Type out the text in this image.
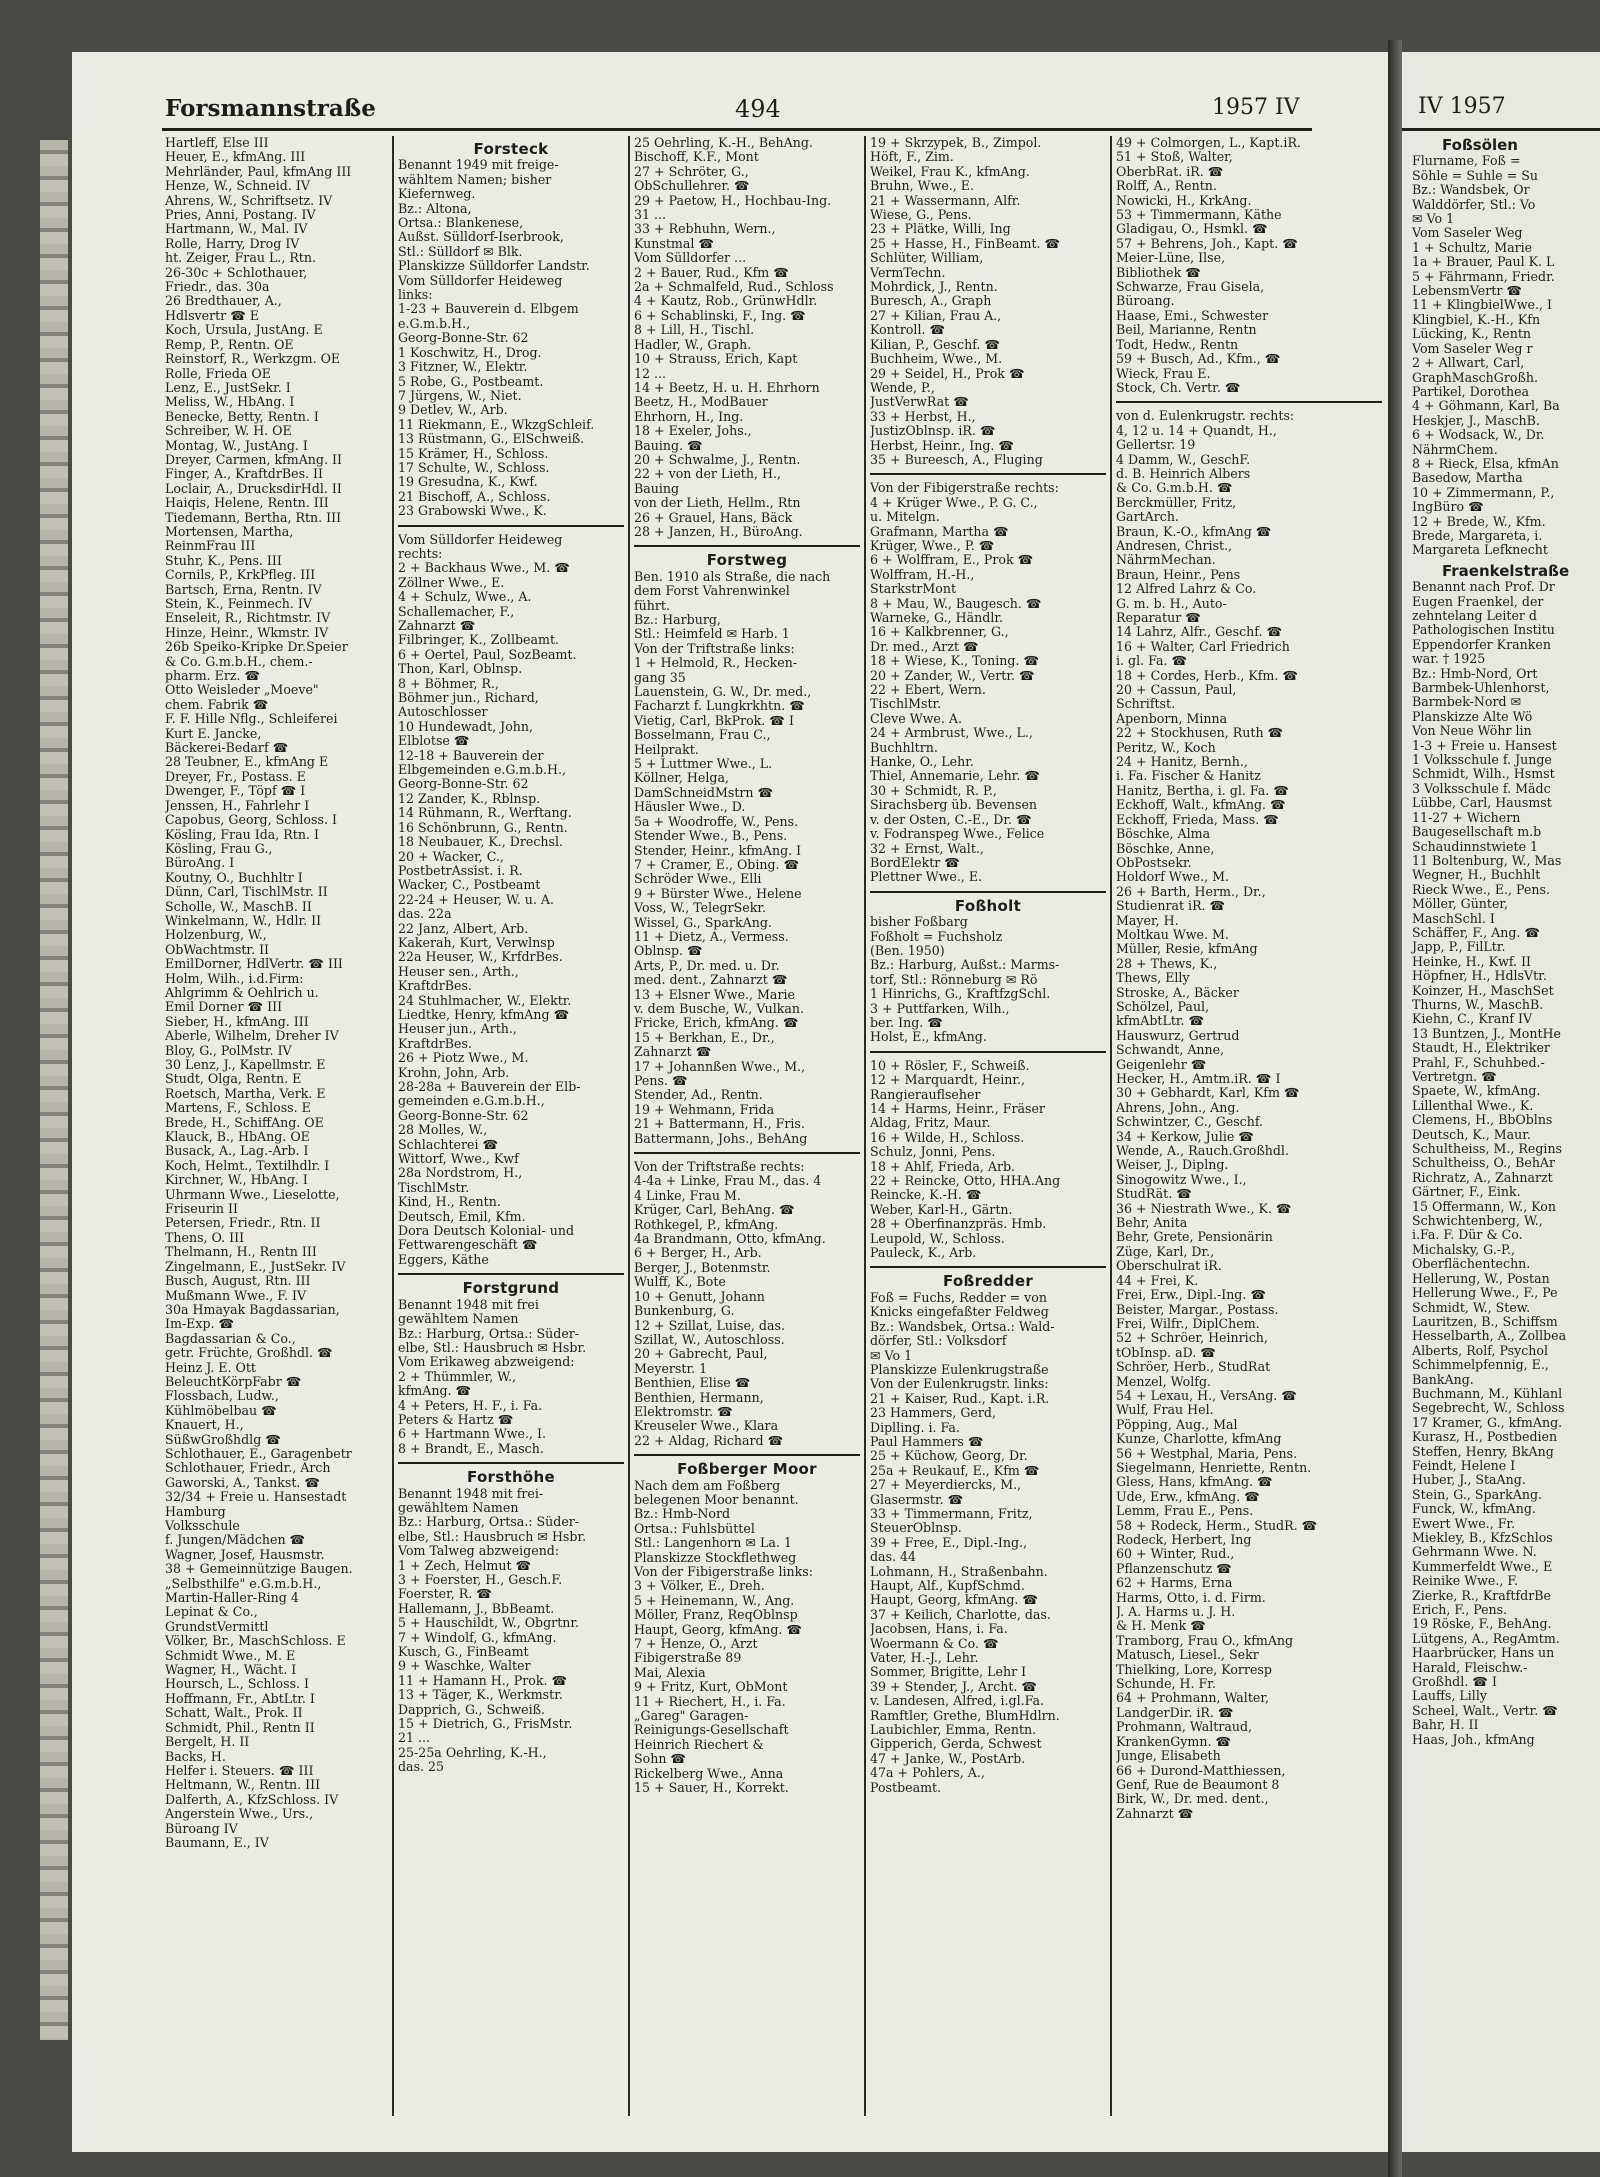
Forsmannstraße	494	1957 IV
Hartleff, Else III
Heuer, E., kfmAng. III
Mehrländer, Paul, kfmAng III
Henze, W., Schneid. IV
Ahrens, W., Schriftsetz. IV
Pries, Anni, Postang. IV
Hartmann, W., Mal. IV
Rolle, Harry, Drog IV
ht. Zeiger, Frau L., Rtn.
26-30c + Schlothauer,
Friedr., das. 30a
26 Bredthauer, A.,
Hdlsvertr ☎ E
Koch, Ursula, JustAng. E
Remp, P., Rentn. OE
Reinstorf, R., Werkzgm. OE
Rolle, Frieda OE
Lenz, E., JustSekr. I
Meliss, W., HbAng. I
Benecke, Betty, Rentn. I
Schreiber, W. H. OE
Montag, W., JustAng. I
Dreyer, Carmen, kfmAng. II
Finger, A., KraftdrBes. II
Loclair, A., DrucksdirHdl. II
Haiqis, Helene, Rentn. III
Tiedemann, Bertha, Rtn. III
Mortensen, Martha,
ReinmFrau III
Stuhr, K., Pens. III
Cornils, P., KrkPfleg. III
Bartsch, Erna, Rentn. IV
Stein, K., Feinmech. IV
Enseleit, R., Richtmstr. IV
Hinze, Heinr., Wkmstr. IV
26b Speiko-Kripke Dr.Speier
& Co. G.m.b.H., chem.-
pharm. Erz. ☎
Otto Weisleder „Moeve"
chem. Fabrik ☎
F. F. Hille Nflg., Schleiferei
Kurt E. Jancke,
Bäckerei-Bedarf ☎
28 Teubner, E., kfmAng E
Dreyer, Fr., Postass. E
Dwenger, F., Töpf ☎ I
Jenssen, H., Fahrlehr I
Capobus, Georg, Schloss. I
Kösling, Frau Ida, Rtn. I
Kösling, Frau G.,
BüroAng. I
Koutny, O., Buchhltr I
Dünn, Carl, TischlMstr. II
Scholle, W., MaschB. II
Winkelmann, W., Hdlr. II
Holzenburg, W.,
ObWachtmstr. II
EmilDorner, HdlVertr. ☎ III
Holm, Wilh., i.d.Firm:
Ahlgrimm & Oehlrich u.
Emil Dorner ☎ III
Sieber, H., kfmAng. III
Aberle, Wilhelm, Dreher IV
Bloy, G., PolMstr. IV
30 Lenz, J., Kapellmstr. E
Studt, Olga, Rentn. E
Roetsch, Martha, Verk. E
Martens, F., Schloss. E
Brede, H., SchiffAng. OE
Klauck, B., HbAng. OE
Busack, A., Lag.-Arb. I
Koch, Helmt., Textilhdlr. I
Kirchner, W., HbAng. I
Uhrmann Wwe., Lieselotte,
Friseurin II
Petersen, Friedr., Rtn. II
Thens, O. III
Thelmann, H., Rentn III
Zingelmann, E., JustSekr. IV
Busch, August, Rtn. III
Mußmann Wwe., F. IV
30a Hmayak Bagdassarian,
Im-Exp. ☎
Bagdassarian & Co.,
getr. Früchte, Großhdl. ☎
Heinz J. E. Ott
BeleuchtKörpFabr ☎
Flossbach, Ludw.,
Kühlmöbelbau ☎
Knauert, H.,
SüßwGroßhdlg ☎
Schlothauer, E., Garagenbetr
Schlothauer, Friedr., Arch
Gaworski, A., Tankst. ☎
32/34 + Freie u. Hansestadt
Hamburg
Volksschule
f. Jungen/Mädchen ☎
Wagner, Josef, Hausmstr.
38 + Gemeinnützige Baugen.
„Selbsthilfe" e.G.m.b.H.,
Martin-Haller-Ring 4
Lepinat & Co.,
GrundstVermittl
Völker, Br., MaschSchloss. E
Schmidt Wwe., M. E
Wagner, H., Wächt. I
Hoursch, L., Schloss. I
Hoffmann, Fr., AbtLtr. I
Schatt, Walt., Prok. II
Schmidt, Phil., Rentn II
Bergelt, H. II
Backs, H.
Helfer i. Steuers. ☎ III
Heltmann, W., Rentn. III
Dalferth, A., KfzSchloss. IV
Angerstein Wwe., Urs.,
Büroang IV
Baumann, E., IV
Forsteck
Benannt 1949 mit freige-
wähltem Namen; bisher
Kiefernweg.
Bz.: Altona,
Ortsa.: Blankenese,
Außst. Sülldorf-Iserbrook,
Stl.: Sülldorf ✉ Blk.
Planskizze Sülldorfer Landstr.
Vom Sülldorfer Heideweg
links:
1-23 + Bauverein d. Elbgem
e.G.m.b.H.,
Georg-Bonne-Str. 62
1 Koschwitz, H., Drog.
3 Fitzner, W., Elektr.
5 Robe, G., Postbeamt.
7 Jürgens, W., Niet.
9 Detlev, W., Arb.
11 Riekmann, E., WkzgSchleif.
13 Rüstmann, G., ElSchweiß.
15 Krämer, H., Schloss.
17 Schulte, W., Schloss.
19 Gresudna, K., Kwf.
21 Bischoff, A., Schloss.
23 Grabowski Wwe., K.
Vom Sülldorfer Heideweg
rechts:
2 + Backhaus Wwe., M. ☎
Zöllner Wwe., E.
4 + Schulz, Wwe., A.
Schallemacher, F.,
Zahnarzt ☎
Filbringer, K., Zollbeamt.
6 + Oertel, Paul, SozBeamt.
Thon, Karl, Oblnsp.
8 + Böhmer, R.,
Böhmer jun., Richard,
Autoschlosser
10 Hundewadt, John,
Elblotse ☎
12-18 + Bauverein der
Elbgemeinden e.G.m.b.H.,
Georg-Bonne-Str. 62
12 Zander, K., Rblnsp.
14 Rühmann, R., Werftang.
16 Schönbrunn, G., Rentn.
18 Neubauer, K., Drechsl.
20 + Wacker, C.,
PostbetrAssist. i. R.
Wacker, C., Postbeamt
22-24 + Heuser, W. u. A.
das. 22a
22 Janz, Albert, Arb.
Kakerah, Kurt, Verwlnsp
22a Heuser, W., KrfdrBes.
Heuser sen., Arth.,
KraftdrBes.
24 Stuhlmacher, W., Elektr.
Liedtke, Henry, kfmAng ☎
Heuser jun., Arth.,
KraftdrBes.
26 + Piotz Wwe., M.
Krohn, John, Arb.
28-28a + Bauverein der Elb-
gemeinden e.G.m.b.H.,
Georg-Bonne-Str. 62
28 Molles, W.,
Schlachterei ☎
Wittorf, Wwe., Kwf
28a Nordstrom, H.,
TischlMstr.
Kind, H., Rentn.
Deutsch, Emil, Kfm.
Dora Deutsch Kolonial- und
Fettwarengeschäft ☎
Eggers, Käthe
Forstgrund
Benannt 1948 mit frei
gewähltem Namen
Bz.: Harburg, Ortsa.: Süder-
elbe, Stl.: Hausbruch ✉ Hsbr.
Vom Erikaweg abzweigend:
2 + Thümmler, W.,
kfmAng. ☎
4 + Peters, H. F., i. Fa.
Peters & Hartz ☎
6 + Hartmann Wwe., I.
8 + Brandt, E., Masch.
Forsthöhe
Benannt 1948 mit frei-
gewähltem Namen
Bz.: Harburg, Ortsa.: Süder-
elbe, Stl.: Hausbruch ✉ Hsbr.
Vom Talweg abzweigend:
1 + Zech, Helmut ☎
3 + Foerster, H., Gesch.F.
Foerster, R. ☎
Hallemann, J., BbBeamt.
5 + Hauschildt, W., Obgrtnr.
7 + Windolf, G., kfmAng.
Kusch, G., FinBeamt
9 + Waschke, Walter
11 + Hamann H., Prok. ☎
13 + Täger, K., Werkmstr.
Dapprich, G., Schweiß.
15 + Dietrich, G., FrisMstr.
21 ...
25-25a Oehrling, K.-H.,
das. 25
25 Oehrling, K.-H., BehAng.
Bischoff, K.F., Mont
27 + Schröter, G.,
ObSchullehrer. ☎
29 + Paetow, H., Hochbau-Ing.
31 ...
33 + Rebhuhn, Wern.,
Kunstmal ☎
Vom Sülldorfer ...
2 + Bauer, Rud., Kfm ☎
2a + Schmalfeld, Rud., Schloss
4 + Kautz, Rob., GrünwHdlr.
6 + Schablinski, F., Ing. ☎
8 + Lill, H., Tischl.
Hadler, W., Graph.
10 + Strauss, Erich, Kapt
12 ...
14 + Beetz, H. u. H. Ehrhorn
Beetz, H., ModBauer
Ehrhorn, H., Ing.
18 + Exeler, Johs.,
Bauing. ☎
20 + Schwalme, J., Rentn.
22 + von der Lieth, H.,
Bauing
von der Lieth, Hellm., Rtn
26 + Grauel, Hans, Bäck
28 + Janzen, H., BüroAng.
Forstweg
Ben. 1910 als Straße, die nach
dem Forst Vahrenwinkel
führt.
Bz.: Harburg,
Stl.: Heimfeld ✉ Harb. 1
Von der Triftstraße links:
1 + Helmold, R., Hecken-
gang 35
Lauenstein, G. W., Dr. med.,
Facharzt f. Lungkrkhtn. ☎
Vietig, Carl, BkProk. ☎ I
Bosselmann, Frau C.,
Heilprakt.
5 + Luttmer Wwe., L.
Köllner, Helga,
DamSchneidMstrn ☎
Häusler Wwe., D.
5a + Woodroffe, W., Pens.
Stender Wwe., B., Pens.
Stender, Heinr., kfmAng. I
7 + Cramer, E., Obing. ☎
Schröder Wwe., Elli
9 + Bürster Wwe., Helene
Voss, W., TelegrSekr.
Wissel, G., SparkAng.
11 + Dietz, A., Vermess.
Oblnsp. ☎
Arts, P., Dr. med. u. Dr.
med. dent., Zahnarzt ☎
13 + Elsner Wwe., Marie
v. dem Busche, W., Vulkan.
Fricke, Erich, kfmAng. ☎
15 + Berkhan, E., Dr.,
Zahnarzt ☎
17 + Johannßen Wwe., M.,
Pens. ☎
Stender, Ad., Rentn.
19 + Wehmann, Frida
21 + Battermann, H., Fris.
Battermann, Johs., BehAng
Von der Triftstraße rechts:
4-4a + Linke, Frau M., das. 4
4 Linke, Frau M.
Krüger, Carl, BehAng. ☎
Rothkegel, P., kfmAng.
4a Brandmann, Otto, kfmAng.
6 + Berger, H., Arb.
Berger, J., Botenmstr.
Wulff, K., Bote
10 + Genutt, Johann
Bunkenburg, G.
12 + Szillat, Luise, das.
Szillat, W., Autoschloss.
20 + Gabrecht, Paul,
Meyerstr. 1
Benthien, Elise ☎
Benthien, Hermann,
Elektromstr. ☎
Kreuseler Wwe., Klara
22 + Aldag, Richard ☎
Foßberger Moor
Nach dem am Foßberg
belegenen Moor benannt.
Bz.: Hmb-Nord
Ortsa.: Fuhlsbüttel
Stl.: Langenhorn ✉ La. 1
Planskizze Stockflethweg
Von der Fibigerstraße links:
3 + Völker, E., Dreh.
5 + Heinemann, W., Ang.
Möller, Franz, ReqOblnsp
Haupt, Georg, kfmAng. ☎
7 + Henze, O., Arzt
Fibigerstraße 89
Mai, Alexia
9 + Fritz, Kurt, ObMont
11 + Riechert, H., i. Fa.
„Gareg" Garagen-
Reinigungs-Gesellschaft
Heinrich Riechert &
Sohn ☎
Rickelberg Wwe., Anna
15 + Sauer, H., Korrekt.
19 + Skrzypek, B., Zimpol.
Höft, F., Zim.
Weikel, Frau K., kfmAng.
Bruhn, Wwe., E.
21 + Wassermann, Alfr.
Wiese, G., Pens.
23 + Plätke, Willi, Ing
25 + Hasse, H., FinBeamt. ☎
Schlüter, William,
VermTechn.
Mohrdick, J., Rentn.
Buresch, A., Graph
27 + Kilian, Frau A.,
Kontroll. ☎
Kilian, P., Geschf. ☎
Buchheim, Wwe., M.
29 + Seidel, H., Prok ☎
Wende, P.,
JustVerwRat ☎
33 + Herbst, H.,
JustizOblnsp. iR. ☎
Herbst, Heinr., Ing. ☎
35 + Bureesch, A., Fluging
Von der Fibigerstraße rechts:
4 + Krüger Wwe., P. G. C.,
u. Mitelgn.
Grafmann, Martha ☎
Krüger, Wwe., P. ☎
6 + Wolffram, E., Prok ☎
Wolffram, H.-H.,
StarkstrMont
8 + Mau, W., Baugesch. ☎
Warneke, G., Händlr.
16 + Kalkbrenner, G.,
Dr. med., Arzt ☎
18 + Wiese, K., Toning. ☎
20 + Zander, W., Vertr. ☎
22 + Ebert, Wern.
TischlMstr.
Cleve Wwe. A.
24 + Armbrust, Wwe., L.,
Buchhltrn.
Hanke, O., Lehr.
Thiel, Annemarie, Lehr. ☎
30 + Schmidt, R. P.,
Sirachsberg üb. Bevensen
v. der Osten, C.-E., Dr. ☎
v. Fodranspeg Wwe., Felice
32 + Ernst, Walt.,
BordElektr ☎
Plettner Wwe., E.
Foßholt
bisher Foßbarg
Foßholt = Fuchsholz
(Ben. 1950)
Bz.: Harburg, Außst.: Marms-
torf, Stl.: Rönneburg ✉ Rö
1 Hinrichs, G., KraftfzgSchl.
3 + Puttfarken, Wilh.,
ber. Ing. ☎
Holst, E., kfmAng.
10 + Rösler, F., Schweiß.
12 + Marquardt, Heinr.,
Rangierauflseher
14 + Harms, Heinr., Fräser
Aldag, Fritz, Maur.
16 + Wilde, H., Schloss.
Schulz, Jonni, Pens.
18 + Ahlf, Frieda, Arb.
22 + Reincke, Otto, HHA.Ang
Reincke, K.-H. ☎
Weber, Karl-H., Gärtn.
28 + Oberfinanzpräs. Hmb.
Leupold, W., Schloss.
Pauleck, K., Arb.
Foßredder
Foß = Fuchs, Redder = von
Knicks eingefaßter Feldweg
Bz.: Wandsbek, Ortsa.: Wald-
dörfer, Stl.: Volksdorf
✉ Vo 1
Planskizze Eulenkrugstraße
Von der Eulenkrugstr. links:
21 + Kaiser, Rud., Kapt. i.R.
23 Hammers, Gerd,
Diplling. i. Fa.
Paul Hammers ☎
25 + Küchow, Georg, Dr.
25a + Reukauf, E., Kfm ☎
27 + Meyerdiercks, M.,
Glasermstr. ☎
33 + Timmermann, Fritz,
SteuerOblnsp.
39 + Free, E., Dipl.-Ing.,
das. 44
Lohmann, H., Straßenbahn.
Haupt, Alf., KupfSchmd.
Haupt, Georg, kfmAng. ☎
37 + Keilich, Charlotte, das.
Jacobsen, Hans, i. Fa.
Woermann & Co. ☎
Vater, H.-J., Lehr.
Sommer, Brigitte, Lehr I
39 + Stender, J., Archt. ☎
v. Landesen, Alfred, i.gl.Fa.
Ramftler, Grethe, BlumHdlrn.
Laubichler, Emma, Rentn.
Gipperich, Gerda, Schwest
47 + Janke, W., PostArb.
47a + Pohlers, A.,
Postbeamt.
49 + Colmorgen, L., Kapt.iR.
51 + Stoß, Walter,
OberbRat. iR. ☎
Rolff, A., Rentn.
Nowicki, H., KrkAng.
53 + Timmermann, Käthe
Gladigau, O., Hsmkl. ☎
57 + Behrens, Joh., Kapt. ☎
Meier-Lüne, Ilse,
Bibliothek ☎
Schwarze, Frau Gisela,
Büroang.
Haase, Emi., Schwester
Beil, Marianne, Rentn
Todt, Hedw., Rentn
59 + Busch, Ad., Kfm., ☎
Wieck, Frau E.
Stock, Ch. Vertr. ☎
von d. Eulenkrugstr. rechts:
4, 12 u. 14 + Quandt, H.,
Gellertsr. 19
4 Damm, W., GeschF.
d. B. Heinrich Albers
& Co. G.m.b.H. ☎
Berckmüller, Fritz,
GartArch.
Braun, K.-O., kfmAng ☎
Andresen, Christ.,
NährmMechan.
Braun, Heinr., Pens
12 Alfred Lahrz & Co.
G. m. b. H., Auto-
Reparatur ☎
14 Lahrz, Alfr., Geschf. ☎
16 + Walter, Carl Friedrich
i. gl. Fa. ☎
18 + Cordes, Herb., Kfm. ☎
20 + Cassun, Paul,
Schriftst.
Apenborn, Minna
22 + Stockhusen, Ruth ☎
Peritz, W., Koch
24 + Hanitz, Bernh.,
i. Fa. Fischer & Hanitz
Hanitz, Bertha, i. gl. Fa. ☎
Eckhoff, Walt., kfmAng. ☎
Eckhoff, Frieda, Mass. ☎
Böschke, Alma
Böschke, Anne,
ObPostsekr.
Holdorf Wwe., M.
26 + Barth, Herm., Dr.,
Studienrat iR. ☎
Mayer, H.
Moltkau Wwe. M.
Müller, Resie, kfmAng
28 + Thews, K.,
Thews, Elly
Stroske, A., Bäcker
Schölzel, Paul,
kfmAbtLtr. ☎
Hauswurz, Gertrud
Schwandt, Anne,
Geigenlehr ☎
Hecker, H., Amtm.iR. ☎ I
30 + Gebhardt, Karl, Kfm ☎
Ahrens, John., Ang.
Schwintzer, C., Geschf.
34 + Kerkow, Julie ☎
Wende, A., Rauch.Großhdl.
Weiser, J., Diplng.
Sinogowitz Wwe., I.,
StudRät. ☎
36 + Niestrath Wwe., K. ☎
Behr, Anita
Behr, Grete, Pensionärin
Züge, Karl, Dr.,
Oberschulrat iR.
44 + Frei, K.
Frei, Erw., Dipl.-Ing. ☎
Beister, Margar., Postass.
Frei, Wilfr., DiplChem.
52 + Schröer, Heinrich,
tObInsp. aD. ☎
Schröer, Herb., StudRat
Menzel, Wolfg.
54 + Lexau, H., VersAng. ☎
Wulf, Frau Hel.
Pöpping, Aug., Mal
Kunze, Charlotte, kfmAng
56 + Westphal, Maria, Pens.
Siegelmann, Henriette, Rentn.
Gless, Hans, kfmAng. ☎
Ude, Erw., kfmAng. ☎
Lemm, Frau E., Pens.
58 + Rodeck, Herm., StudR. ☎
Rodeck, Herbert, Ing
60 + Winter, Rud.,
Pflanzenschutz ☎
62 + Harms, Erna
Harms, Otto, i. d. Firm.
J. A. Harms u. J. H.
& H. Menk ☎
Tramborg, Frau O., kfmAng
Matusch, Liesel., Sekr
Thielking, Lore, Korresp
Schunde, H. Fr.
64 + Prohmann, Walter,
LandgerDir. iR. ☎
Prohmann, Waltraud,
KrankenGymn. ☎
Junge, Elisabeth
66 + Durond-Matthiessen,
Genf, Rue de Beaumont 8
Birk, W., Dr. med. dent.,
Zahnarzt ☎
IV 1957
Foßsölen
Flurname, Foß =
Söhle = Suhle = Su
Bz.: Wandsbek, Or
Walddörfer, Stl.: Vo
✉ Vo 1
Vom Saseler Weg
1 + Schultz, Marie
1a + Brauer, Paul K. L
5 + Fährmann, Friedr.
LebensmVertr ☎
11 + KlingbielWwe., I
Klingbiel, K.-H., Kfn
Lücking, K., Rentn
Vom Saseler Weg r
2 + Allwart, Carl,
GraphMaschGroßh.
Partikel, Dorothea
4 + Göhmann, Karl, Ba
Heskjer, J., MaschB.
6 + Wodsack, W., Dr.
NährmChem.
8 + Rieck, Elsa, kfmAn
Basedow, Martha
10 + Zimmermann, P.,
IngBüro ☎
12 + Brede, W., Kfm.
Brede, Margareta, i.
Margareta Lefknecht
Fraenkelstraße
Benannt nach Prof. Dr
Eugen Fraenkel, der
zehntelang Leiter d
Pathologischen Institu
Eppendorfer Kranken
war. † 1925
Bz.: Hmb-Nord, Ort
Barmbek-Uhlenhorst,
Barmbek-Nord ✉
Planskizze Alte Wö
Von Neue Wöhr lin
1-3 + Freie u. Hansest
1 Volksschule f. Junge
Schmidt, Wilh., Hsmst
3 Volksschule f. Mädc
Lübbe, Carl, Hausmst
11-27 + Wichern
Baugesellschaft m.b
Schaudinnstwiete 1
11 Boltenburg, W., Mas
Wegner, H., Buchhlt
Rieck Wwe., E., Pens.
Möller, Günter,
MaschSchl. I
Schäffer, F., Ang. ☎
Japp, P., FilLtr.
Heinke, H., Kwf. II
Höpfner, H., HdlsVtr.
Koinzer, H., MaschSet
Thurns, W., MaschB.
Kiehn, C., Kranf IV
13 Buntzen, J., MontHe
Staudt, H., Elektriker
Prahl, F., Schuhbed.-
Vertretgn. ☎
Spaete, W., kfmAng.
Lillenthal Wwe., K.
Clemens, H., BbOblns
Deutsch, K., Maur.
Schultheiss, M., Regins
Schultheiss, O., BehAr
Richratz, A., Zahnarzt
Gärtner, F., Eink.
15 Offermann, W., Kon
Schwichtenberg, W.,
i.Fa. F. Dür & Co.
Michalsky, G.-P.,
Oberflächentechn.
Hellerung, W., Postan
Hellerung Wwe., F., Pe
Schmidt, W., Stew.
Lauritzen, B., Schiffsm
Hesselbarth, A., Zollbea
Alberts, Rolf, Psychol
Schimmelpfennig, E.,
BankAng.
Buchmann, M., Kühlanl
Segebrecht, W., Schloss
17 Kramer, G., kfmAng.
Kurasz, H., Postbedien
Steffen, Henry, BkAng
Feindt, Helene I
Huber, J., StaAng.
Stein, G., SparkAng.
Funck, W., kfmAng.
Ewert Wwe., Fr.
Miekley, B., KfzSchlos
Gehrmann Wwe. N.
Kummerfeldt Wwe., E
Reinike Wwe., F.
Zierke, R., KraftfdrBe
Erich, F., Pens.
19 Röske, F., BehAng.
Lütgens, A., RegAmtm.
Haarbrücker, Hans un
Harald, Fleischw.-
Großhdl. ☎ I
Lauffs, Lilly
Scheel, Walt., Vertr. ☎
Bahr, H. II
Haas, Joh., kfmAng
